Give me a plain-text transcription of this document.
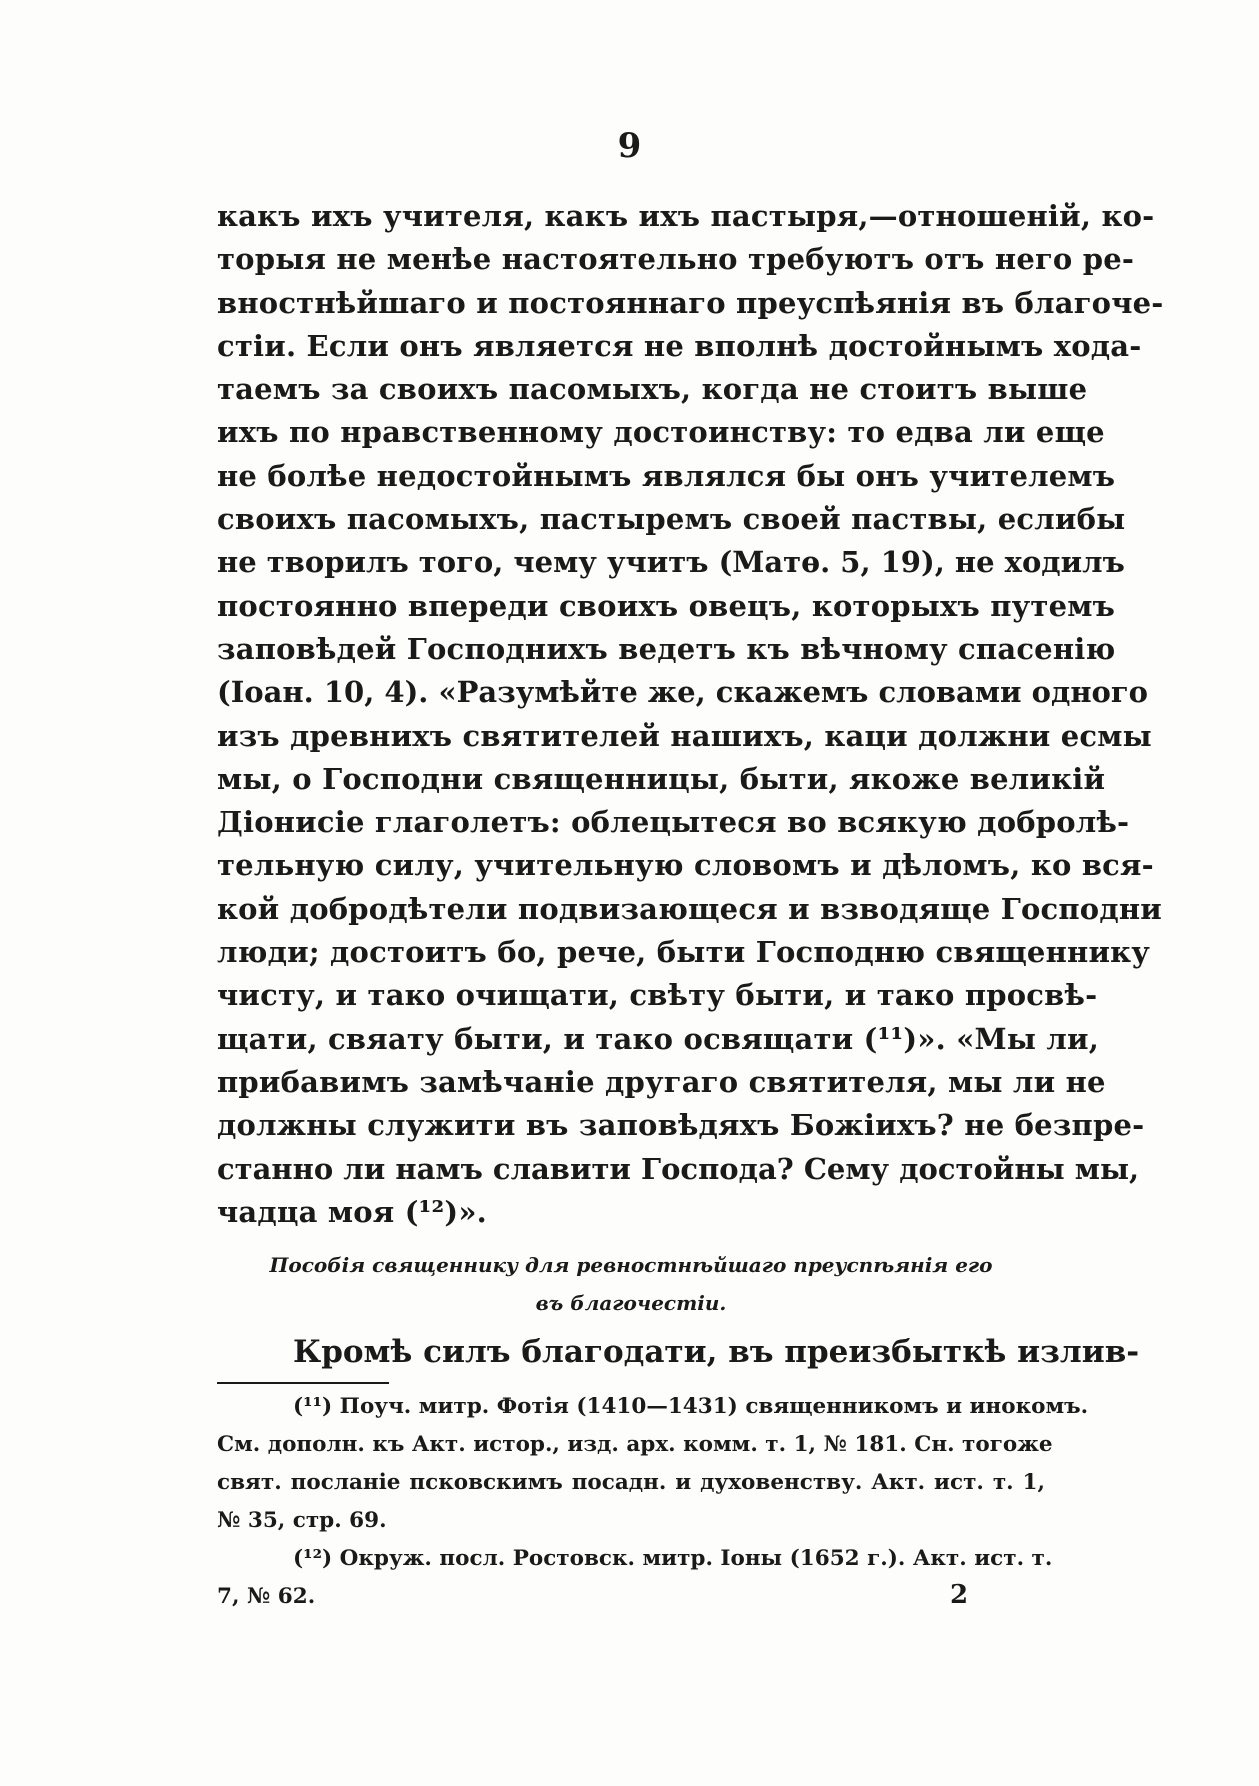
9
какъ ихъ учителя, какъ ихъ пастыря,—отношенiй, ко-
торыя не менѣе настоятельно требуютъ отъ него ре-
вностнѣйшаго и постояннаго преуспѣянiя въ благоче-
стiи. Если онъ является не вполнѣ достойнымъ хода-
таемъ за своихъ пасомыхъ, когда не стоитъ выше
ихъ по нравственному достоинству: то едва ли еще
не болѣе недостойнымъ являлся бы онъ учителемъ
своихъ пасомыхъ, пастыремъ своей паствы, еслибы
не творилъ того, чему учитъ (Матѳ. 5, 19), не ходилъ
постоянно впереди своихъ овецъ, которыхъ путемъ
заповѣдей Господнихъ ведетъ къ вѣчному спасенiю
(Iоан. 10, 4). «Разумѣйте же, скажемъ словами одного
изъ древнихъ святителей нашихъ, каци должни есмы
мы, о Господни священницы, быти, якоже великiй
Дiонисiе глаголетъ: облецытеся во всякую добролѣ-
тельную силу, учительную словомъ и дѣломъ, ко вся-
кой добродѣтели подвизающеся и взводяще Господни
люди; достоитъ бо, рече, быти Господню священнику
чисту, и тако очищати, свѣту быти, и тако просвѣ-
щати, свяату быти, и тако освящати (¹¹)». «Мы ли,
прибавимъ замѣчанiе другаго святителя, мы ли не
должны служити въ заповѣдяхъ Божiихъ? не безпре-
станно ли намъ славити Господа? Сему достойны мы,
чадца моя (¹²)».
Пособiя священнику для ревностнѣйшаго преуспѣянiя его
въ благочестiи.
Кромѣ силъ благодати, въ преизбыткѣ излив-
(¹¹) Поуч. митр. Фотiя (1410—1431) священникомъ и инокомъ.
См. дополн. къ Акт. истор., изд. арх. комм. т. 1, № 181. Сн. тогоже
свят. посланiе псковскимъ посадн. и духовенству. Акт. ист. т. 1,
№ 35, стр. 69.
(¹²) Окруж. посл. Ростовск. митр. Iоны (1652 г.). Акт. ист. т.
7, № 62.	2
